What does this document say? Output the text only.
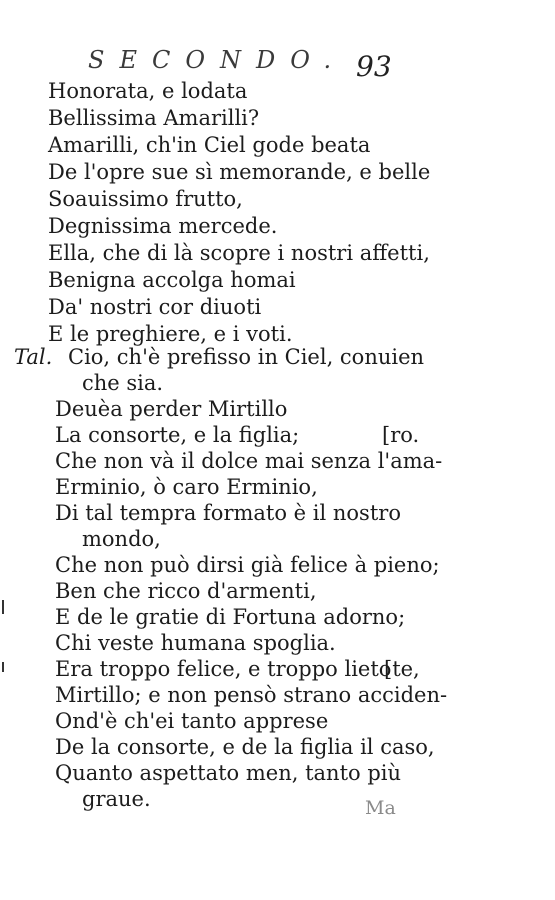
SECONDO. 93
Tal.
Honorata, e lodata
Bellissima Amarilli?
Amarilli, ch'in Ciel gode beata
De l'opre sue sì memorande, e belle
Soauissimo frutto,
Degnissima mercede.
Ella, che di là scopre i nostri affetti,
Benigna accolga homai
Da' nostri cor diuoti
E le preghiere, e i voti.
Cio, ch'è prefisso in Ciel, conuien
che sia.
Deuèa perder Mirtillo
La consorte, e la figlia;	[ro.
Che non và il dolce mai senza l'ama-
Erminio, ò caro Erminio,
Di tal tempra formato è il nostro
mondo,
Che non può dirsi già felice à pieno;
Ben che ricco d'armenti,
E de le gratie di Fortuna adorno;
Chi veste humana spoglia.
Era troppo felice, e troppo lieto
[te,
Mirtillo; e non pensò strano acciden-
Ond'è ch'ei tanto apprese
De la consorte, e de la figlia il caso,
Quanto aspettato men, tanto più
graue.	Ma
